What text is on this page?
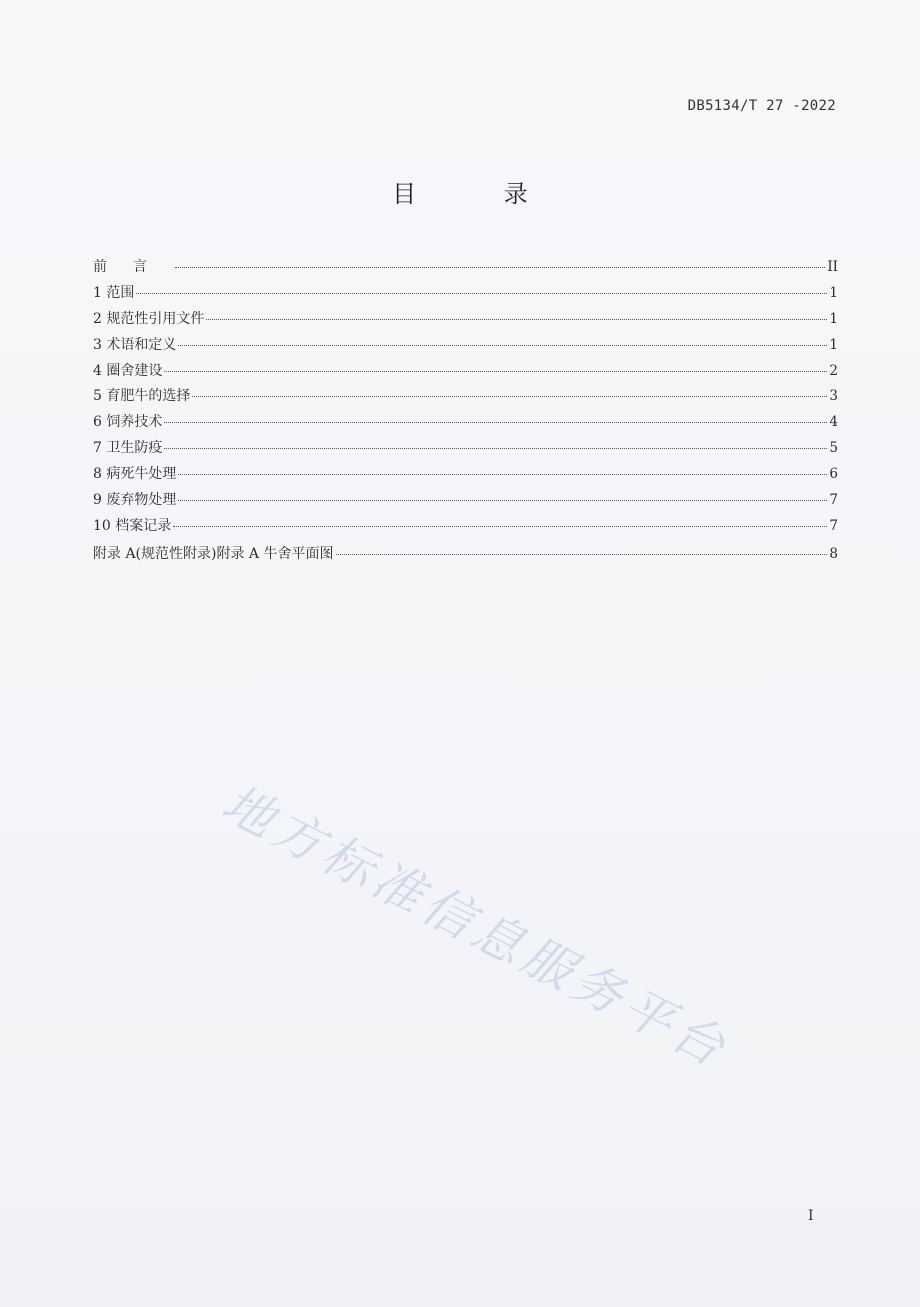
DB5134/T 27 -2022
目 录
前言	II
1 范围	1
2 规范性引用文件	1
3 术语和定义	1
4 圈舍建设	2
5 育肥牛的选择	3
6 饲养技术	4
7 卫生防疫	5
8 病死牛处理	6
9 废弃物处理	7
10 档案记录	7
附录 A(规范性附录)附录 A 牛舍平面图	8
地方标准信息服务平台
I
